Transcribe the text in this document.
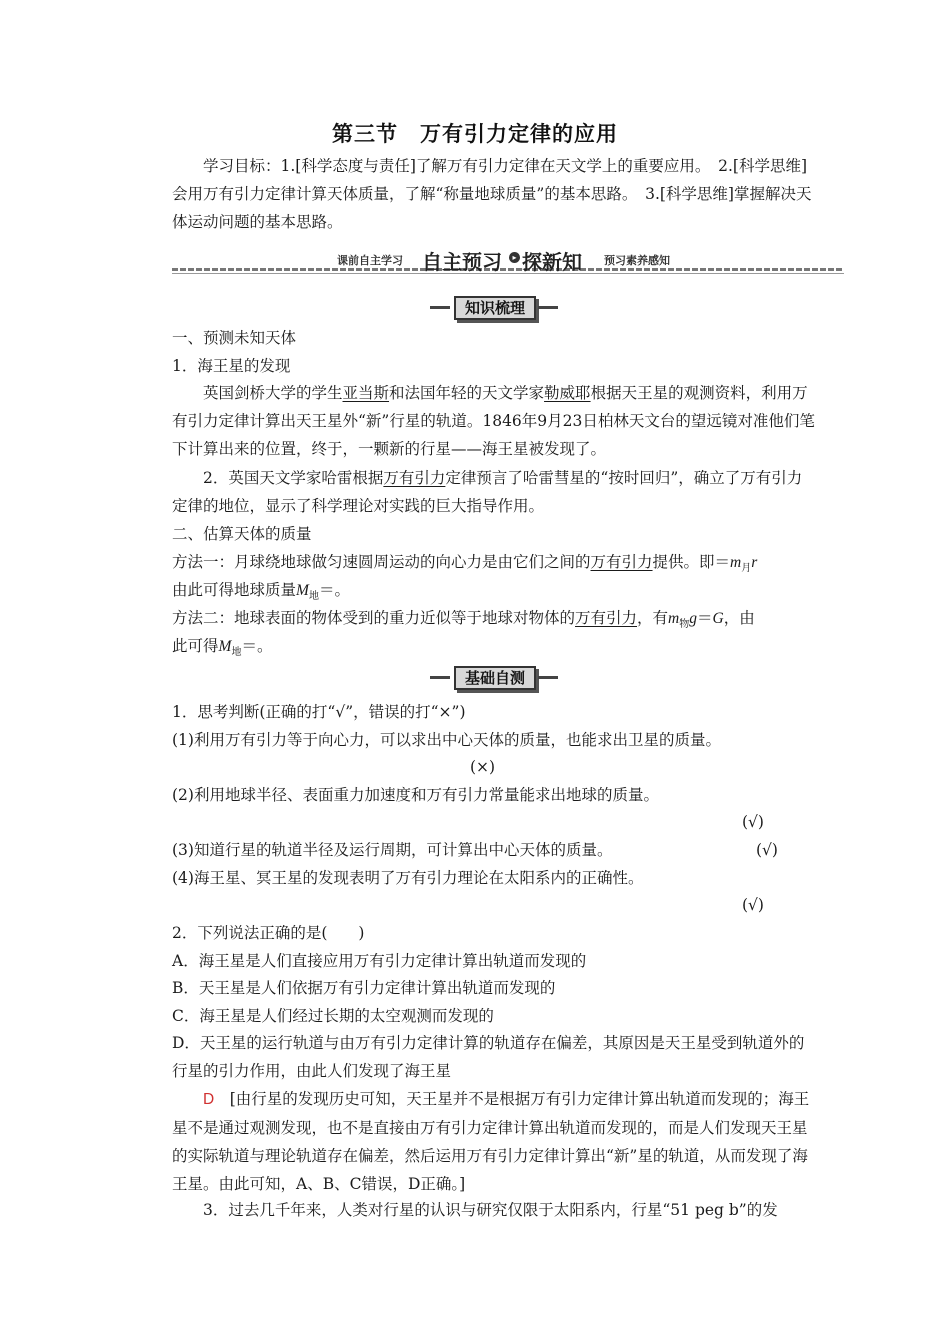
第三节 万有引力定律的应用
学习目标：1.[科学态度与责任]了解万有引力定律在天文学上的重要应用。　2.[科学思维]会用万有引力定律计算天体质量，了解“称量地球质量”的基本思路。　3.[科学思维]掌握解决天体运动问题的基本思路。
课前自主学习 自主预习	▸ 探新知 预习素养感知
知识梳理
一、预测未知天体
1．海王星的发现
英国剑桥大学的学生亚当斯和法国年轻的天文学家勒威耶根据天王星的观测资料，利用万有引力定律计算出天王星外“新”行星的轨道。1846年9月23日柏林天文台的望远镜对准他们笔下计算出来的位置，终于，一颗新的行星——海王星被发现了。
2．英国天文学家哈雷根据万有引力定律预言了哈雷彗星的“按时回归”，确立了万有引力定律的地位，显示了科学理论对实践的巨大指导作用。
二、估算天体的质量
方法一：月球绕地球做匀速圆周运动的向心力是由它们之间的万有引力提供。即$=m_月r$
由此可得地球质量$M_地=$。
方法二：地球表面的物体受到的重力近似等于地球对物体的万有引力，有$m_物g=G$，由
此可得$M_地=$。
基础自测
1．思考判断(正确的打“√”，错误的打“×”)
(1)利用万有引力等于向心力，可以求出中心天体的质量，也能求出卫星的质量。
(×)
(2)利用地球半径、表面重力加速度和万有引力常量能求出地球的质量。
(√)
(3)知道行星的轨道半径及运行周期，可计算出中心天体的质量。	(√)
(4)海王星、冥王星的发现表明了万有引力理论在太阳系内的正确性。
(√)
2．下列说法正确的是(　　)
A．海王星是人们直接应用万有引力定律计算出轨道而发现的
B．天王星是人们依据万有引力定律计算出轨道而发现的
C．海王星是人们经过长期的太空观测而发现的
D．天王星的运行轨道与由万有引力定律计算的轨道存在偏差，其原因是天王星受到轨道外的行星的引力作用，由此人们发现了海王星
D  [由行星的发现历史可知，天王星并不是根据万有引力定律计算出轨道而发现的；海王星不是通过观测发现，也不是直接由万有引力定律计算出轨道而发现的，而是人们发现天王星的实际轨道与理论轨道存在偏差，然后运用万有引力定律计算出“新”星的轨道，从而发现了海王星。由此可知，A、B、C错误，D正确。]
3．过去几千年来，人类对行星的认识与研究仅限于太阳系内，行星“51 peg b”的发
